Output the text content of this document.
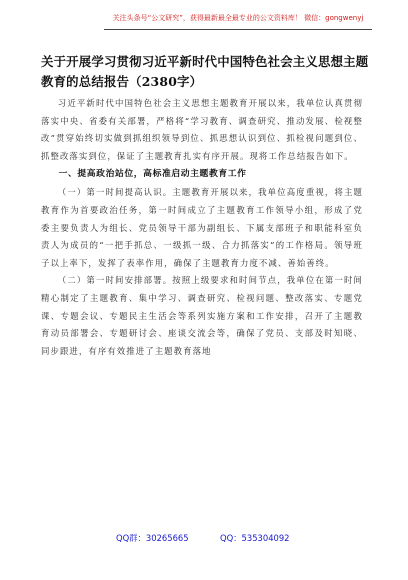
关注头条号“公文研究”，获得最新最全最专业的公文资料库！ 微信：gongwenyj
关于开展学习贯彻习近平新时代中国特色社会主义思想主题教育的总结报告（2380字）

习近平新时代中国特色社会主义思想主题教育开展以来，我单位认真贯彻落实中央、省委有关部署，严格将“学习教育、调查研究、推动发展、检视整改”贯穿始终切实做到抓组织领导到位、抓思想认识到位、抓检视问题到位、抓整改落实到位，保证了主题教育扎实有序开展。现将工作总结报告如下。

一、提高政治站位，高标准启动主题教育工作

（一）第一时间提高认识。主题教育开展以来，我单位高度重视，将主题教育作为首要政治任务，第一时间成立了主题教育工作领导小组，形成了党委主要负责人为组长、党员领导干部为副组长、下属支部班子和职能科室负责人为成员的“一把手抓总、一级抓一级、合力抓落实”的工作格局。领导班子以上率下，发挥了表率作用，确保了主题教育力度不减、善始善终。

（二）第一时间安排部署。按照上级要求和时间节点，我单位在第一时间精心制定了主题教育、集中学习、调查研究、检视问题、整改落实、专题党课、专题会议、专题民主生活会等系列实施方案和工作安排，召开了主题教育动员部署会、专题研讨会、座谈交流会等，确保了党员、支部及时知晓、同步跟进，有序有效推进了主题教育落地

QQ群：30265665	QQ：535304092
